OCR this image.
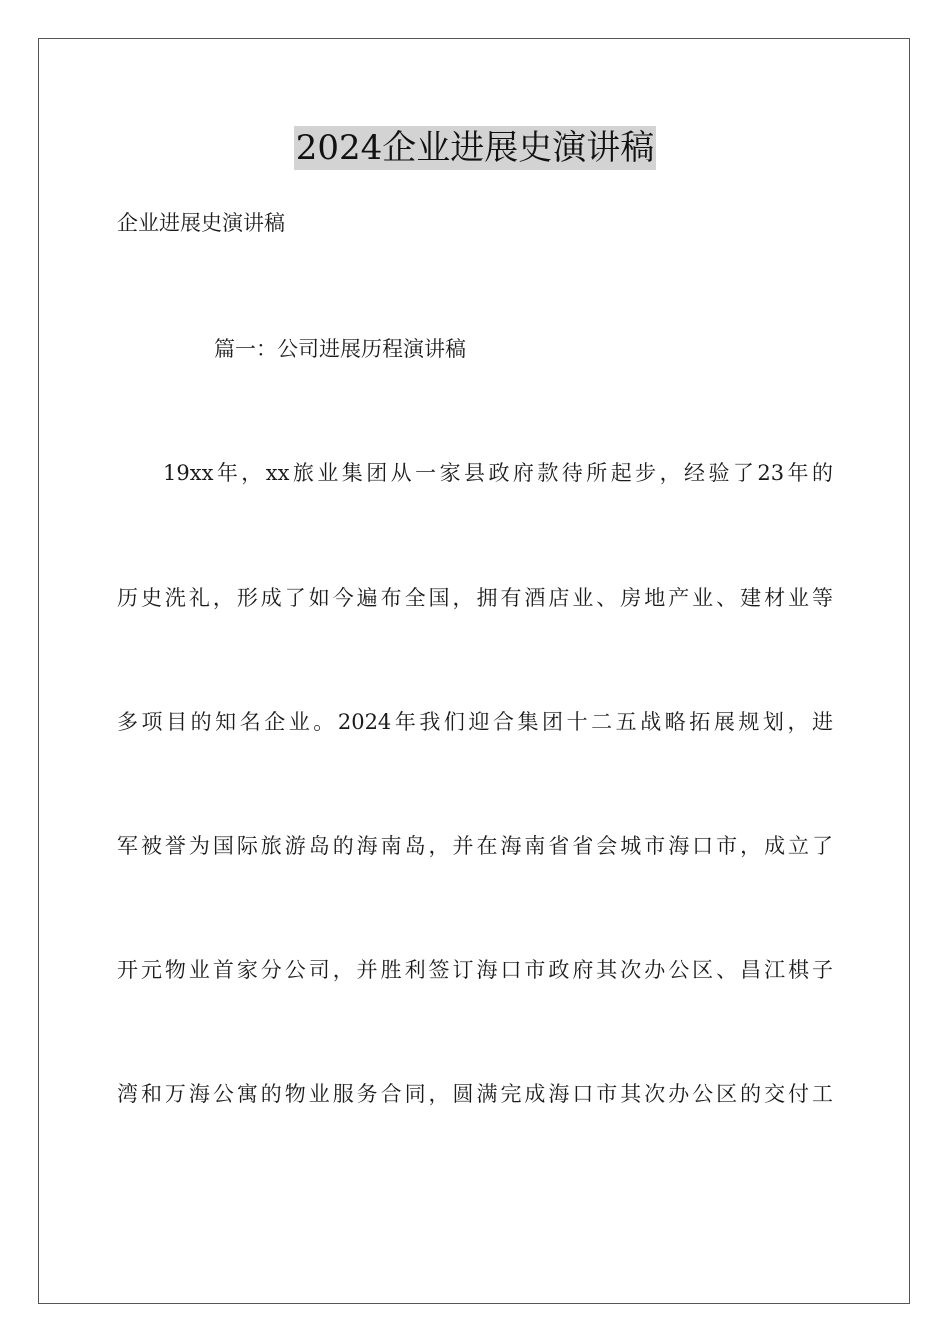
2024企业进展史演讲稿
企业进展史演讲稿
篇一：公司进展历程演讲稿
19xx年，xx旅业集团从一家县政府款待所起步，经验了23年的
历史洗礼，形成了如今遍布全国，拥有酒店业、房地产业、建材业等
多项目的知名企业。2024年我们迎合集团十二五战略拓展规划，进
军被誉为国际旅游岛的海南岛，并在海南省省会城市海口市，成立了
开元物业首家分公司，并胜利签订海口市政府其次办公区、昌江棋子
湾和万海公寓的物业服务合同，圆满完成海口市其次办公区的交付工
